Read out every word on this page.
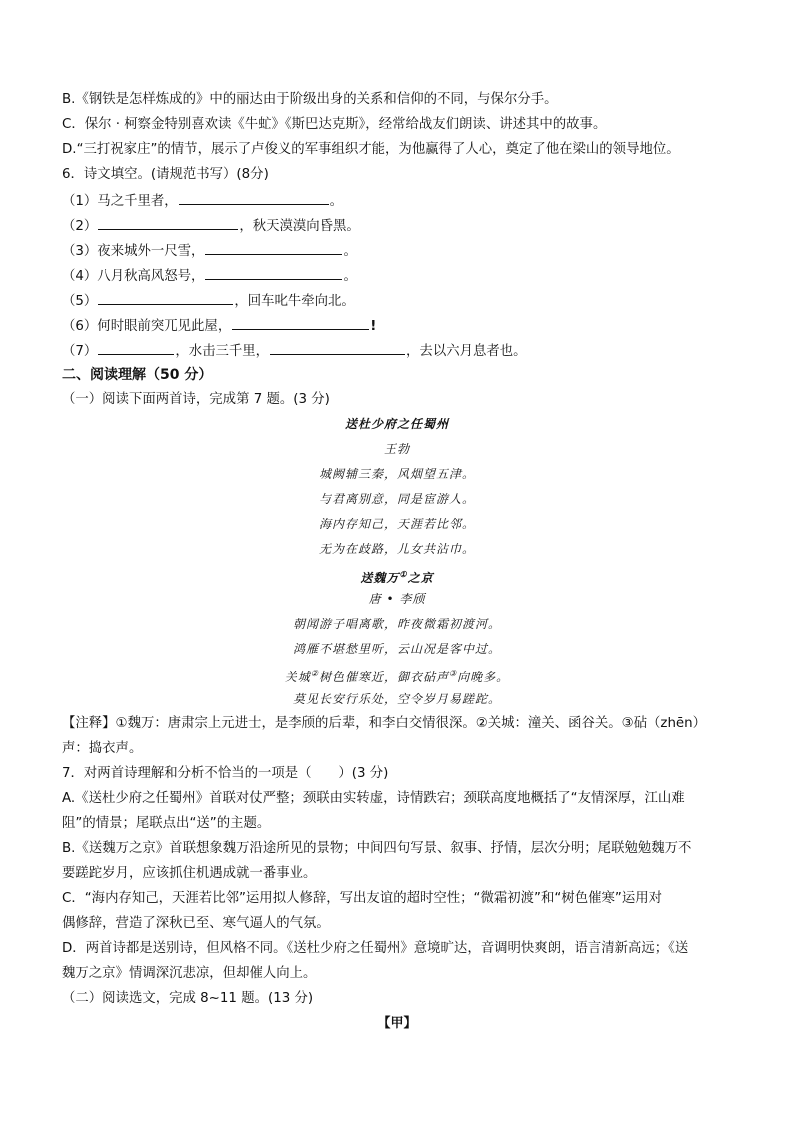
B.《钢铁是怎样炼成的》中的丽达由于阶级出身的关系和信仰的不同，与保尔分手。
C．保尔 · 柯察金特别喜欢读《牛虻》《斯巴达克斯》，经常给战友们朗读、讲述其中的故事。
D.“三打祝家庄”的情节，展示了卢俊义的军事组织才能，为他赢得了人心，奠定了他在梁山的领导地位。
6．诗文填空。(请规范书写）(8分)
（1）马之千里者，	。
（2）	，秋天漠漠向昏黑。
（3）夜来城外一尺雪，	。
（4）八月秋高风怒号，	。
（5）	，回车叱牛牵向北。
（6）何时眼前突兀见此屋，	!
（7）	，水击三千里，	，去以六月息者也。
二、阅读理解（50 分）
（一）阅读下面两首诗，完成第 7 题。(3 分)
送杜少府之任蜀州
王勃
城阙辅三秦，风烟望五津。
与君离别意，同是宦游人。
海内存知己，天涯若比邻。
无为在歧路，儿女共沾巾。
送魏万①之京
唐 • 李颀
朝闻游子唱离歌，昨夜微霜初渡河。
鸿雁不堪愁里听，云山况是客中过。
关城②树色催寒近，御衣砧声③向晚多。
莫见长安行乐处，空令岁月易蹉跎。
【注释】①魏万：唐肃宗上元进士，是李颀的后辈，和李白交情很深。②关城：潼关、函谷关。③砧（zhēn）
声：捣衣声。
7．对两首诗理解和分析不恰当的一项是（　　）(3 分)
A.《送杜少府之任蜀州》首联对仗严整；颈联由实转虚，诗情跌宕；颈联高度地概括了“友情深厚，江山难
阻”的情景；尾联点出“送”的主题。
B.《送魏万之京》首联想象魏万沿途所见的景物；中间四句写景、叙事、抒情，层次分明；尾联勉勉魏万不
要蹉跎岁月，应该抓住机遇成就一番事业。
C．“海内存知己，天涯若比邻”运用拟人修辞，写出友谊的超时空性；“微霜初渡”和“树色催寒”运用对
偶修辞，营造了深秋已至、寒气逼人的气氛。
D．两首诗都是送别诗，但风格不同。《送杜少府之任蜀州》意境旷达，音调明快爽朗，语言清新高远；《送
魏万之京》情调深沉悲凉，但却催人向上。
（二）阅读选文，完成 8~11 题。(13 分)
【甲】
